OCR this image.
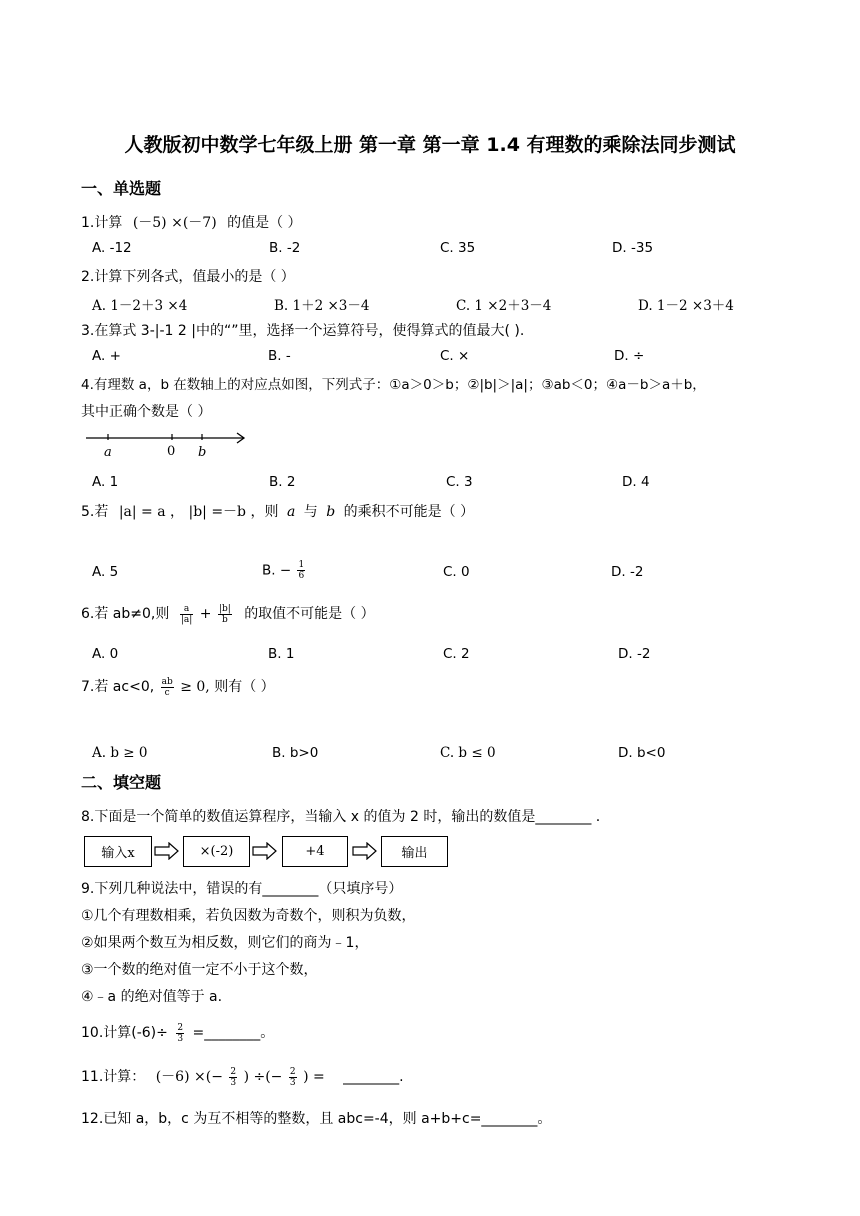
人教版初中数学七年级上册 第一章 第一章 1.4 有理数的乘除法同步测试
一、单选题
1.计算 (－5) ×(－7) 的值是（ ）
A. -12	B. -2	C. 35	D. -35
2.计算下列各式，值最小的是（ ）
A. 1－2＋3 ×4	B. 1＋2 ×3－4	C. 1 ×2＋3－4	D. 1－2 ×3＋4
3.在算式 3-|-1 2 |中的“”里，选择一个运算符号，使得算式的值最大( ).
A. +	B. -	C. ×	D. ÷
4.有理数 a，b 在数轴上的对应点如图，下列式子：①a＞0＞b；②|b|＞|a|；③ab＜0；④a－b＞a＋b，
其中正确个数是（ ）
a	0 b
A. 1	B. 2	C. 3	D. 4
5.若 |a| = a ， |b| =－b ，则 a 与 b 的乘积不可能是（ ）
A. 5	B. − $\frac{1}{6}$	C. 0	D. -2
6.若 ab≠0,则 $\frac{a}{|a|} + \frac{|b|}{b}$ 的取值不可能是（ ）
A. 0	B. 1	C. 2	D. -2
7.若 ac<0, $\frac{ab}{c} \ge 0$, 则有（ ）
A. b ≥ 0	B. b>0	C. b ≤ 0	D. b<0
二、填空题
8.下面是一个简单的数值运算程序，当输入 x 的值为 2 时，输出的数值是________ .
输入x	×(-2)	+4	输出
9.下列几种说法中，错误的有________（只填序号）
①几个有理数相乘，若负因数为奇数个，则积为负数，
②如果两个数互为相反数，则它们的商为﹣1，
③一个数的绝对值一定不小于这个数，
④﹣a 的绝对值等于 a.
10.计算$(-6)\div \frac{2}{3}$ =________。
11.计算： (－6) ×(− $\frac{2}{3}$ ) ÷(− $\frac{2}{3}$ ) = ________.
12.已知 a，b，c 为互不相等的整数，且 abc=-4，则 a+b+c=________。
